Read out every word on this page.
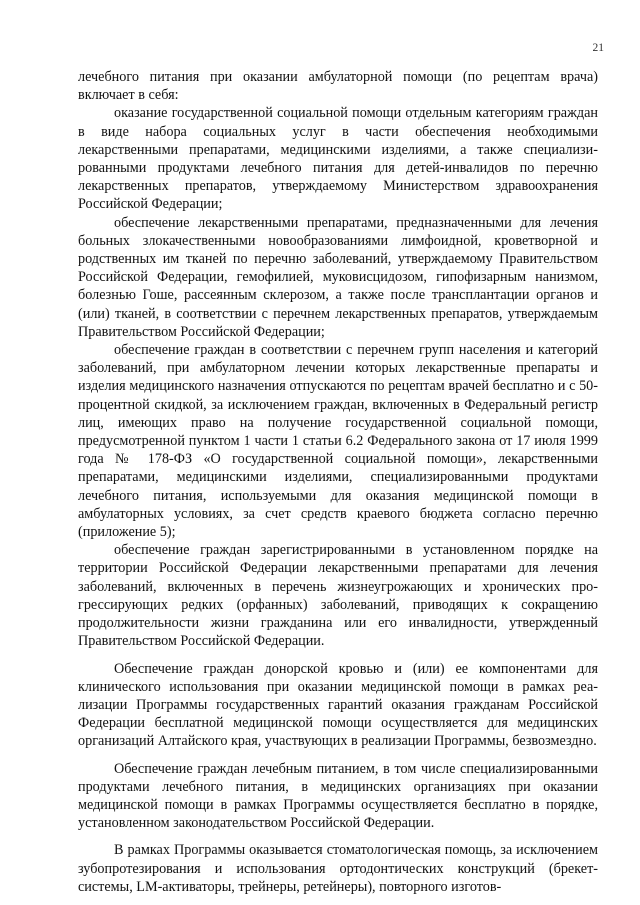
21

лечебного питания при оказании амбулаторной помощи (по рецептам врача) включает в себя:

оказание государственной социальной помощи отдельным категориям граждан в виде набора социальных услуг в части обеспечения необходимыми лекарственными препаратами, медицинскими изделиями, а также специализированными продуктами лечебного питания для детей-инвалидов по перечню лекарственных препаратов, утверждаемому Министерством здравоохранения Российской Федерации;

обеспечение лекарственными препаратами, предназначенными для лечения больных злокачественными новообразованиями лимфоидной, кроветворной и родственных им тканей по перечню заболеваний, утверждаемому Правительством Российской Федерации, гемофилией, муковисцидозом, гипофизарным нанизмом, болезнью Гоше, рассеянным склерозом, а также после трансплантации органов и (или) тканей, в соответствии с перечнем лекарственных препаратов, утверждаемым Правительством Российской Федерации;

обеспечение граждан в соответствии с перечнем групп населения и категорий заболеваний, при амбулаторном лечении которых лекарственные препараты и изделия медицинского назначения отпускаются по рецептам врачей бесплатно и с 50-процентной скидкой, за исключением граждан, включенных в Федеральный регистр лиц, имеющих право на получение государственной социальной помощи, предусмотренной пунктом 1 части 1 статьи 6.2 Федерального закона от 17 июля 1999 года № 178-ФЗ «О государственной социальной помощи», лекарственными препаратами, медицинскими изделиями, специализированными продуктами лечебного питания, используемыми для оказания медицинской помощи в амбулаторных условиях, за счет средств краевого бюджета согласно перечню (приложение 5);

обеспечение граждан зарегистрированными в установленном порядке на территории Российской Федерации лекарственными препаратами для лечения заболеваний, включенных в перечень жизнеугрожающих и хронических прогрессирующих редких (орфанных) заболеваний, приводящих к сокращению продолжительности жизни гражданина или его инвалидности, утвержденный Правительством Российской Федерации.

Обеспечение граждан донорской кровью и (или) ее компонентами для клинического использования при оказании медицинской помощи в рамках реализации Программы государственных гарантий оказания гражданам Российской Федерации бесплатной медицинской помощи осуществляется для медицинских организаций Алтайского края, участвующих в реализации Программы, безвозмездно.

Обеспечение граждан лечебным питанием, в том числе специализированными продуктами лечебного питания, в медицинских организациях при оказании медицинской помощи в рамках Программы осуществляется бесплатно в порядке, установленном законодательством Российской Федерации.

В рамках Программы оказывается стоматологическая помощь, за исключением зубопротезирования и использования ортодонтических конструкций (брекет-системы, LM-активаторы, трейнеры, ретейнеры), повторного изготов-
